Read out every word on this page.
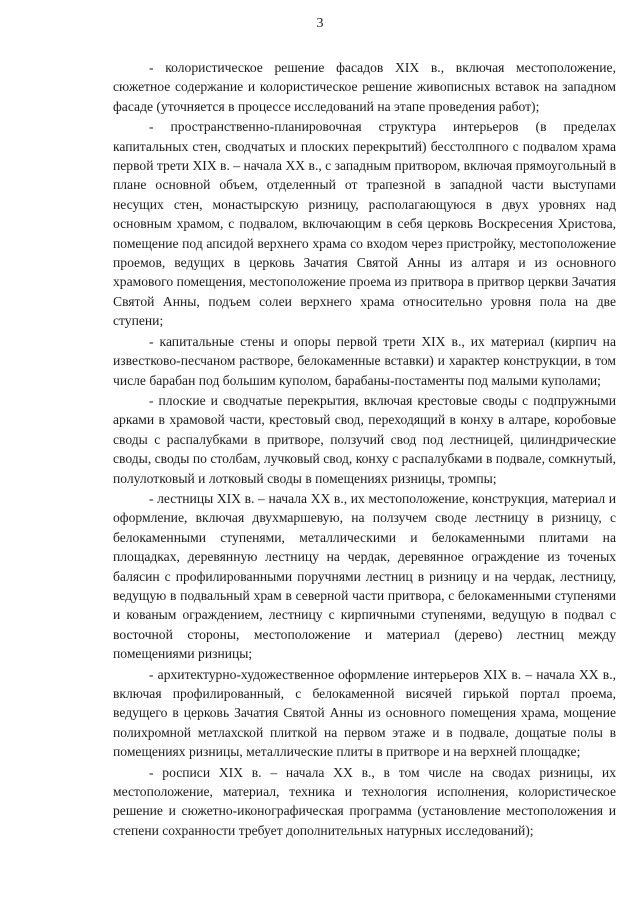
3

- колористическое решение фасадов XIX в., включая местоположение, сюжетное содержание и колористическое решение живописных вставок на западном фасаде (уточняется в процессе исследований на этапе проведения работ);

- пространственно-планировочная структура интерьеров (в пределах капитальных стен, сводчатых и плоских перекрытий) бесстолпного с подвалом храма первой трети XIX в. – начала XX в., с западным притвором, включая прямоугольный в плане основной объем, отделенный от трапезной в западной части выступами несущих стен, монастырскую ризницу, располагающуюся в двух уровнях над основным храмом, с подвалом, включающим в себя церковь Воскресения Христова, помещение под апсидой верхнего храма со входом через пристройку, местоположение проемов, ведущих в церковь Зачатия Святой Анны из алтаря и из основного храмового помещения, местоположение проема из притвора в притвор церкви Зачатия Святой Анны, подъем солеи верхнего храма относительно уровня пола на две ступени;

- капитальные стены и опоры первой трети XIX в., их материал (кирпич на известково-песчаном растворе, белокаменные вставки) и характер конструкции, в том числе барабан под большим куполом, барабаны-постаменты под малыми куполами;

- плоские и сводчатые перекрытия, включая крестовые своды с подпружными арками в храмовой части, крестовый свод, переходящий в конху в алтаре, коробовые своды с распалубками в притворе, ползучий свод под лестницей, цилиндрические своды, своды по столбам, лучковый свод, конху с распалубками в подвале, сомкнутый, полулотковый и лотковый своды в помещениях ризницы, тромпы;

- лестницы XIX в. – начала XX в., их местоположение, конструкция, материал и оформление, включая двухмаршевую, на ползучем своде лестницу в ризницу, с белокаменными ступенями, металлическими и белокаменными плитами на площадках, деревянную лестницу на чердак, деревянное ограждение из точеных балясин с профилированными поручнями лестниц в ризницу и на чердак, лестницу, ведущую в подвальный храм в северной части притвора, с белокаменными ступенями и кованым ограждением, лестницу с кирпичными ступенями, ведущую в подвал с восточной стороны, местоположение и материал (дерево) лестниц между помещениями ризницы;

- архитектурно-художественное оформление интерьеров XIX в. – начала XX в., включая профилированный, с белокаменной висячей гирькой портал проема, ведущего в церковь Зачатия Святой Анны из основного помещения храма, мощение полихромной метлахской плиткой на первом этаже и в подвале, дощатые полы в помещениях ризницы, металлические плиты в притворе и на верхней площадке;

- росписи XIX в. – начала XX в., в том числе на сводах ризницы, их местоположение, материал, техника и технология исполнения, колористическое решение и сюжетно-иконографическая программа (установление местоположения и степени сохранности требует дополнительных натурных исследований);
